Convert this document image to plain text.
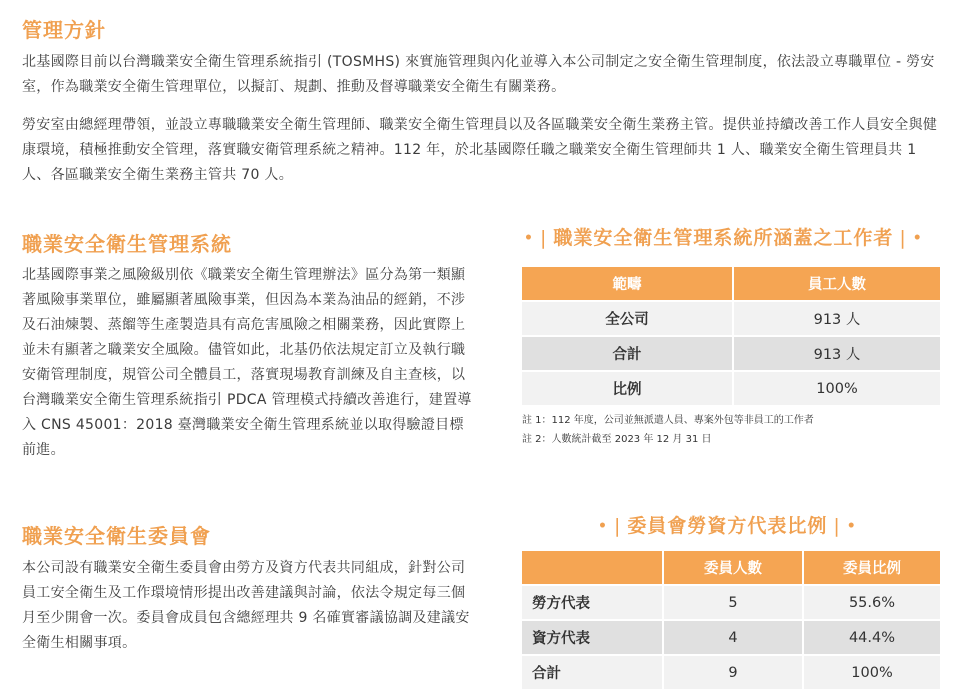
管理方針

北基國際目前以台灣職業安全衛生管理系統指引 (TOSMHS) 來實施管理與內化並導入本公司制定之安全衛生管理制度，依法設立專職單位 - 勞安室，作為職業安全衛生管理單位，以擬訂、規劃、推動及督導職業安全衛生有關業務。

勞安室由總經理帶領，並設立專職職業安全衛生管理師、職業安全衛生管理員以及各區職業安全衛生業務主管。提供並持續改善工作人員安全與健康環境，積極推動安全管理，落實職安衛管理系統之精神。112 年，於北基國際任職之職業安全衛生管理師共 1 人、職業安全衛生管理員共 1 人、各區職業安全衛生業務主管共 70 人。

職業安全衛生管理系統

北基國際事業之風險級別依《職業安全衛生管理辦法》區分為第一類顯著風險事業單位，雖屬顯著風險事業，但因為本業為油品的經銷，不涉及石油煉製、蒸餾等生產製造具有高危害風險之相關業務，因此實際上並未有顯著之職業安全風險。儘管如此，北基仍依法規定訂立及執行職安衛管理制度，規管公司全體員工，落實現場教育訓練及自主查核，以台灣職業安全衛生管理系統指引 PDCA 管理模式持續改善進行，建置導入 CNS 45001：2018 臺灣職業安全衛生管理系統並以取得驗證目標前進。

• | 職業安全衛生管理系統所涵蓋之工作者 | •
範疇	員工人數
全公司	913 人
合計	913 人
比例	100%
註 1：112 年度，公司並無派遣人員、專案外包等非員工的工作者
註 2：人數統計截至 2023 年 12 月 31 日
職業安全衛生委員會

本公司設有職業安全衛生委員會由勞方及資方代表共同組成，針對公司員工安全衛生及工作環境情形提出改善建議與討論，依法令規定每三個月至少開會一次。委員會成員包含總經理共 9 名確實審議協調及建議安全衛生相關事項。

• | 委員會勞資方代表比例 | •
	委員人數	委員比例
勞方代表	5	55.6%
資方代表	4	44.4%
合計	9	100%
